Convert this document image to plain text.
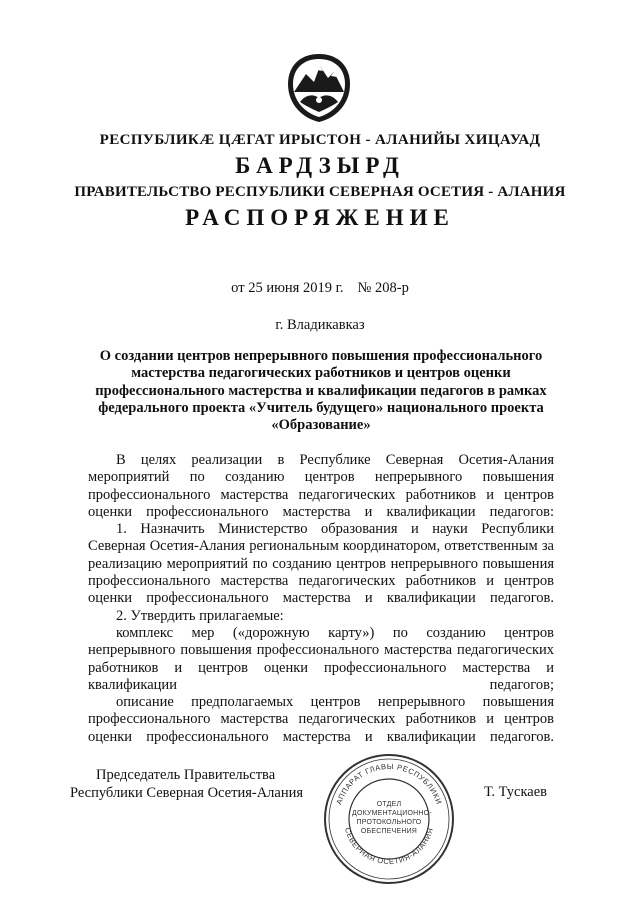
РЕСПУБЛИКÆ ЦÆГАТ ИРЫСТОН - АЛАНИЙЫ ХИЦАУАД
БАРДЗЫРД
ПРАВИТЕЛЬСТВО РЕСПУБЛИКИ СЕВЕРНАЯ ОСЕТИЯ - АЛАНИЯ
РАСПОРЯЖЕНИЕ
от 25 июня 2019 г. № 208-р
г. Владикавказ
О создании центров непрерывного повышения профессионального мастерства педагогических работников и центров оценки профессионального мастерства и квалификации педагогов в рамках федерального проекта «Учитель будущего» национального проекта «Образование»

В целях реализации в Республике Северная Осетия-Алания мероприятий по созданию центров непрерывного повышения профессионального мастерства педагогических работников и центров оценки профессионального мастерства и квалификации педагогов:

1. Назначить Министерство образования и науки Республики Северная Осетия-Алания региональным координатором, ответственным за реализацию мероприятий по созданию центров непрерывного повышения профессионального мастерства педагогических работников и центров оценки профессионального мастерства и квалификации педагогов.

2. Утвердить прилагаемые:

комплекс мер («дорожную карту») по созданию центров непрерывного повышения профессионального мастерства педагогических работников и центров оценки профессионального мастерства и квалификации педагогов;

описание предполагаемых центров непрерывного повышения профессионального мастерства педагогических работников и центров оценки профессионального мастерства и квалификации педагогов.

Председатель Правительства
Республики Северная Осетия-Алания	Т. Тускаев
АППАРАТ ГЛАВЫ РЕСПУБЛИКИ
СЕВЕРНАЯ ОСЕТИЯ-АЛАНИЯ
ОТДЕЛ
ДОКУМЕНТАЦИОННО-
ПРОТОКОЛЬНОГО
ОБЕСПЕЧЕНИЯ
